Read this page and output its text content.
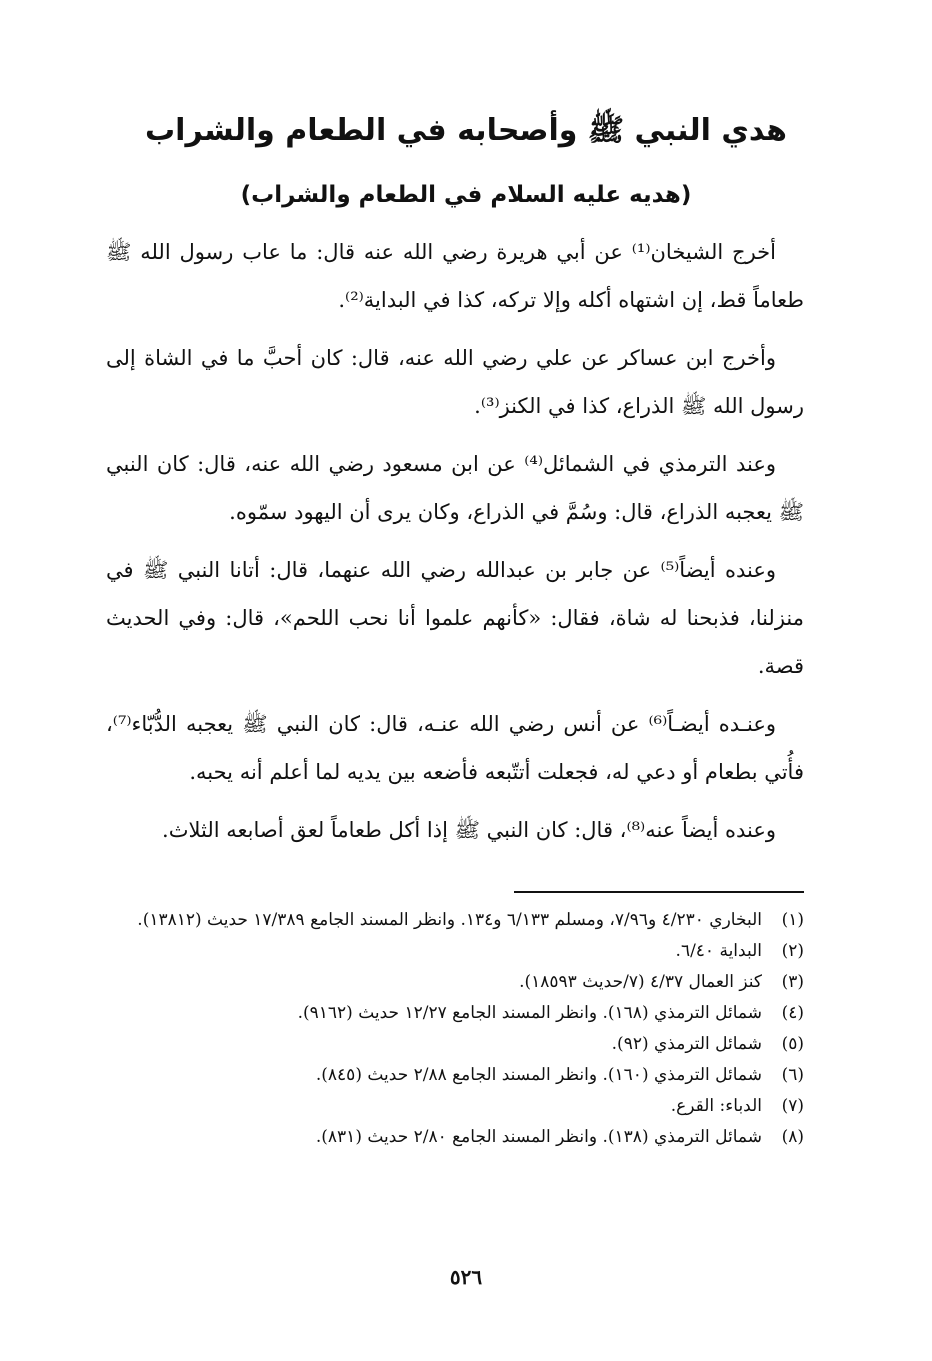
هدي النبي ﷺ وأصحابه في الطعام والشراب
(هديه عليه السلام في الطعام والشراب)

أخرج الشيخان⁽¹⁾ عن أبي هريرة رضي الله عنه قال: ما عاب رسول الله ﷺ طعاماً قط، إن اشتهاه أكله وإلا تركه، كذا في البداية⁽²⁾.

وأخرج ابن عساكر عن علي رضي الله عنه، قال: كان أحبَّ ما في الشاة إلى رسول الله ﷺ الذراع، كذا في الكنز⁽³⁾.

وعند الترمذي في الشمائل⁽⁴⁾ عن ابن مسعود رضي الله عنه، قال: كان النبي ﷺ يعجبه الذراع، قال: وسُمَّ في الذراع، وكان يرى أن اليهود سمّوه.

وعنده أيضاً⁽⁵⁾ عن جابر بن عبدالله رضي الله عنهما، قال: أتانا النبي ﷺ في منزلنا، فذبحنا له شاة، فقال: «كأنهم علموا أنا نحب اللحم»، قال: وفي الحديث قصة.

وعنـده أيضـاً⁽⁶⁾ عن أنس رضي الله عنـه، قال: كان النبي ﷺ يعجبه الدُّبّاء⁽⁷⁾، فأُتي بطعام أو دعي له، فجعلت أتتّبعه فأضعه بين يديه لما أعلم أنه يحبه.

وعنده أيضاً عنه⁽⁸⁾، قال: كان النبي ﷺ إذا أكل طعاماً لعق أصابعه الثلاث.

(١)
البخاري ٤/٢٣٠ و٧/٩٦، ومسلم ٦/١٣٣ و١٣٤. وانظر المسند الجامع ١٧/٣٨٩ حديث (١٣٨١٢).
(٢)
البداية ٦/٤٠.
(٣)
كنز العمال ٤/٣٧ (٧/حديث ١٨٥٩٣).
(٤)
شمائل الترمذي (١٦٨). وانظر المسند الجامع ١٢/٢٧ حديث (٩١٦٢).
(٥)
شمائل الترمذي (٩٢).
(٦)
شمائل الترمذي (١٦٠). وانظر المسند الجامع ٢/٨٨ حديث (٨٤٥).
(٧)
الدباء: القرع.
(٨)
شمائل الترمذي (١٣٨). وانظر المسند الجامع ٢/٨٠ حديث (٨٣١).
٥٢٦
